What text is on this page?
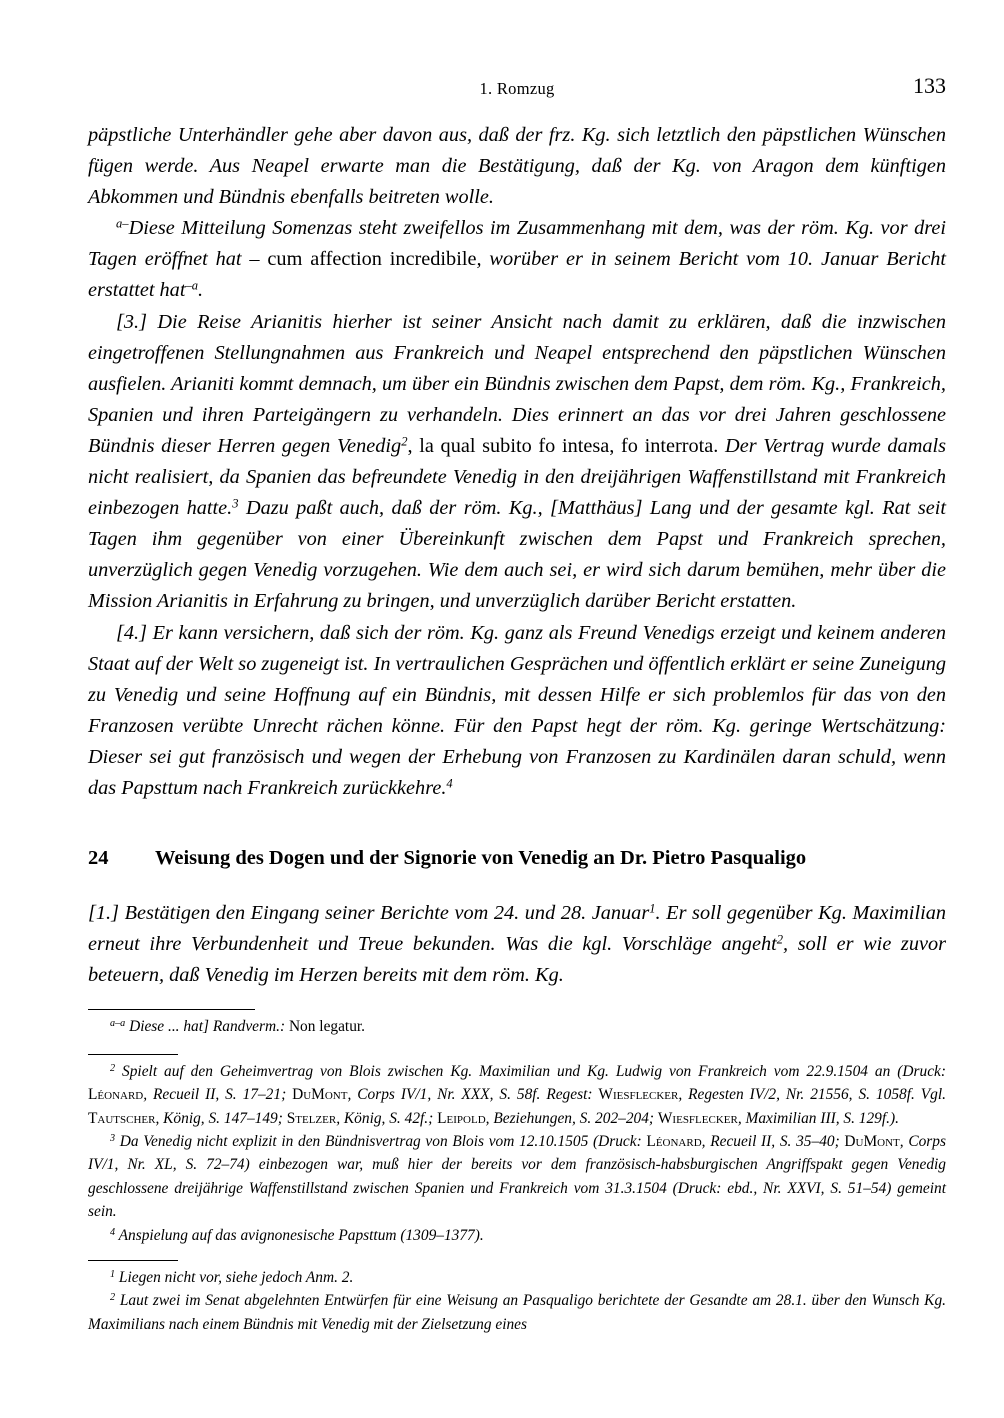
1. Romzug	133

päpstliche Unterhändler gehe aber davon aus, daß der frz. Kg. sich letztlich den päpstlichen Wünschen fügen werde. Aus Neapel erwarte man die Bestätigung, daß der Kg. von Aragon dem künftigen Abkommen und Bündnis ebenfalls beitreten wolle.

$^{a-}$Diese Mitteilung Somenzas steht zweifellos im Zusammenhang mit dem, was der röm. Kg. vor drei Tagen eröffnet hat – cum affection incredibile, worüber er in seinem Bericht vom 10. Januar Bericht erstattet hat$^{-a}$.

[3.] Die Reise Arianitis hierher ist seiner Ansicht nach damit zu erklären, daß die inzwischen eingetroffenen Stellungnahmen aus Frankreich und Neapel entsprechend den päpstlichen Wünschen ausfielen. Arianiti kommt demnach, um über ein Bündnis zwischen dem Papst, dem röm. Kg., Frankreich, Spanien und ihren Parteigängern zu verhandeln. Dies erinnert an das vor drei Jahren geschlossene Bündnis dieser Herren gegen Venedig$^2$, la qual subito fo intesa, fo interrota. Der Vertrag wurde damals nicht realisiert, da Spanien das befreundete Venedig in den dreijährigen Waffenstillstand mit Frankreich einbezogen hatte.$^3$ Dazu paßt auch, daß der röm. Kg., [Matthäus] Lang und der gesamte kgl. Rat seit Tagen ihm gegenüber von einer Übereinkunft zwischen dem Papst und Frankreich sprechen, unverzüglich gegen Venedig vorzugehen. Wie dem auch sei, er wird sich darum bemühen, mehr über die Mission Arianitis in Erfahrung zu bringen, und unverzüglich darüber Bericht erstatten.

[4.] Er kann versichern, daß sich der röm. Kg. ganz als Freund Venedigs erzeigt und keinem anderen Staat auf der Welt so zugeneigt ist. In vertraulichen Gesprächen und öffentlich erklärt er seine Zuneigung zu Venedig und seine Hoffnung auf ein Bündnis, mit dessen Hilfe er sich problemlos für das von den Franzosen verübte Unrecht rächen könne. Für den Papst hegt der röm. Kg. geringe Wertschätzung: Dieser sei gut französisch und wegen der Erhebung von Franzosen zu Kardinälen daran schuld, wenn das Papsttum nach Frankreich zurückkehre.$^4$

24	Weisung des Dogen und der Signorie von Venedig an Dr. Pietro Pasqualigo

[1.] Bestätigen den Eingang seiner Berichte vom 24. und 28. Januar$^1$. Er soll gegenüber Kg. Maximilian erneut ihre Verbundenheit und Treue bekunden. Was die kgl. Vorschläge angeht$^2$, soll er wie zuvor beteuern, daß Venedig im Herzen bereits mit dem röm. Kg.

$^{a-a}$ Diese ... hat] Randverm.: Non legatur.

$^2$ Spielt auf den Geheimvertrag von Blois zwischen Kg. Maximilian und Kg. Ludwig von Frankreich vom 22.9.1504 an (Druck: Léonard, Recueil II, S. 17–21; DuMont, Corps IV/1, Nr. XXX, S. 58f. Regest: Wiesflecker, Regesten IV/2, Nr. 21556, S. 1058f. Vgl. Tautscher, König, S. 147–149; Stelzer, König, S. 42f.; Leipold, Beziehungen, S. 202–204; Wiesflecker, Maximilian III, S. 129f.).

$^3$ Da Venedig nicht explizit in den Bündnisvertrag von Blois vom 12.10.1505 (Druck: Léonard, Recueil II, S. 35–40; DuMont, Corps IV/1, Nr. XL, S. 72–74) einbezogen war, muß hier der bereits vor dem französisch-habsburgischen Angriffspakt gegen Venedig geschlossene dreijährige Waffenstillstand zwischen Spanien und Frankreich vom 31.3.1504 (Druck: ebd., Nr. XXVI, S. 51–54) gemeint sein.

$^4$ Anspielung auf das avignonesische Papsttum (1309–1377).

$^1$ Liegen nicht vor, siehe jedoch Anm. 2.

$^2$ Laut zwei im Senat abgelehnten Entwürfen für eine Weisung an Pasqualigo berichtete der Gesandte am 28.1. über den Wunsch Kg. Maximilians nach einem Bündnis mit Venedig mit der Zielsetzung eines
